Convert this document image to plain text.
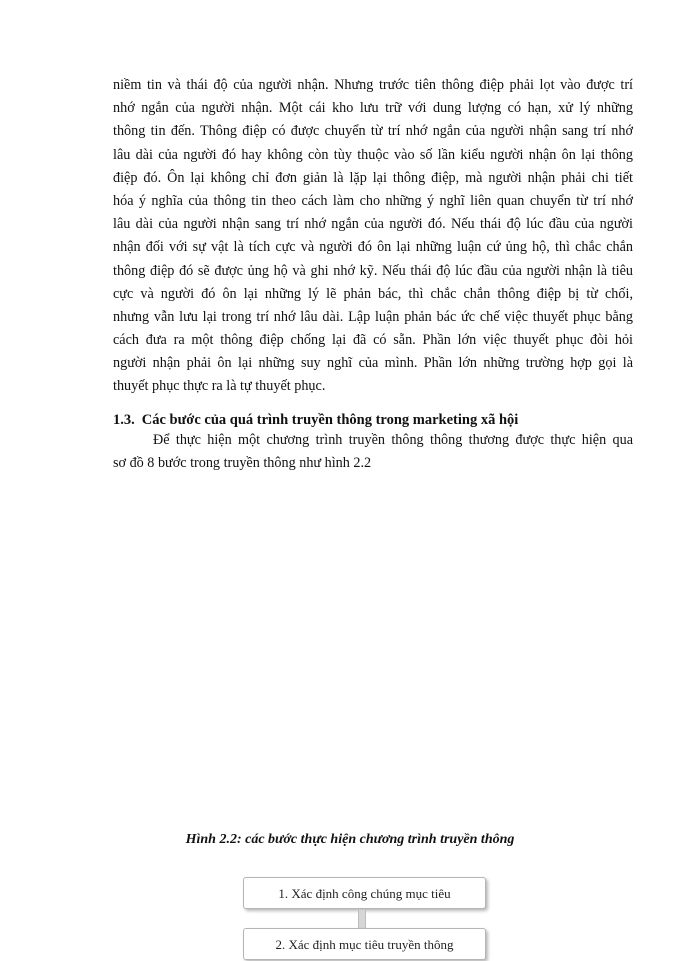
niềm tin và thái độ của người nhận. Nhưng trước tiên thông điệp phải lọt vào được trí
nhớ ngắn của người nhận. Một cái kho lưu trữ với dung lượng có hạn, xử lý những
thông tin đến. Thông điệp có được chuyển từ trí nhớ ngắn của người nhận sang trí nhớ
lâu dài của người đó hay không còn tùy thuộc vào số lần kiểu người nhận ôn lại thông
điệp đó. Ôn lại không chỉ đơn giản là lặp lại thông điệp, mà người nhận phải chi tiết
hóa ý nghĩa của thông tin theo cách làm cho những ý nghĩ liên quan chuyển từ trí nhớ
lâu dài của người nhận sang trí nhớ ngắn của người đó. Nếu thái độ lúc đầu của người
nhận đối với sự vật là tích cực và người đó ôn lại những luận cứ ủng hộ, thì chắc chắn
thông điệp đó sẽ được ủng hộ và ghi nhớ kỹ. Nếu thái độ lúc đầu của người nhận là tiêu
cực và người đó ôn lại những lý lẽ phản bác, thì chắc chắn thông điệp bị từ chối,
nhưng vẫn lưu lại trong trí nhớ lâu dài. Lập luận phản bác ức chế việc thuyết phục bằng
cách đưa ra một thông điệp chống lại đã có sẵn. Phần lớn việc thuyết phục đòi hỏi
người nhận phải ôn lại những suy nghĩ của mình. Phần lớn những trường hợp gọi là
thuyết phục thực ra là tự thuyết phục.
1.3. Các bước của quá trình truyền thông trong marketing xã hội
Để thực hiện một chương trình truyền thông thông thương được thực hiện qua
sơ đồ 8 bước trong truyền thông như hình 2.2
Hình 2.2: các bước thực hiện chương trình truyền thông
1. Xác định công chúng mục tiêu
2. Xác định mục tiêu truyền thông
